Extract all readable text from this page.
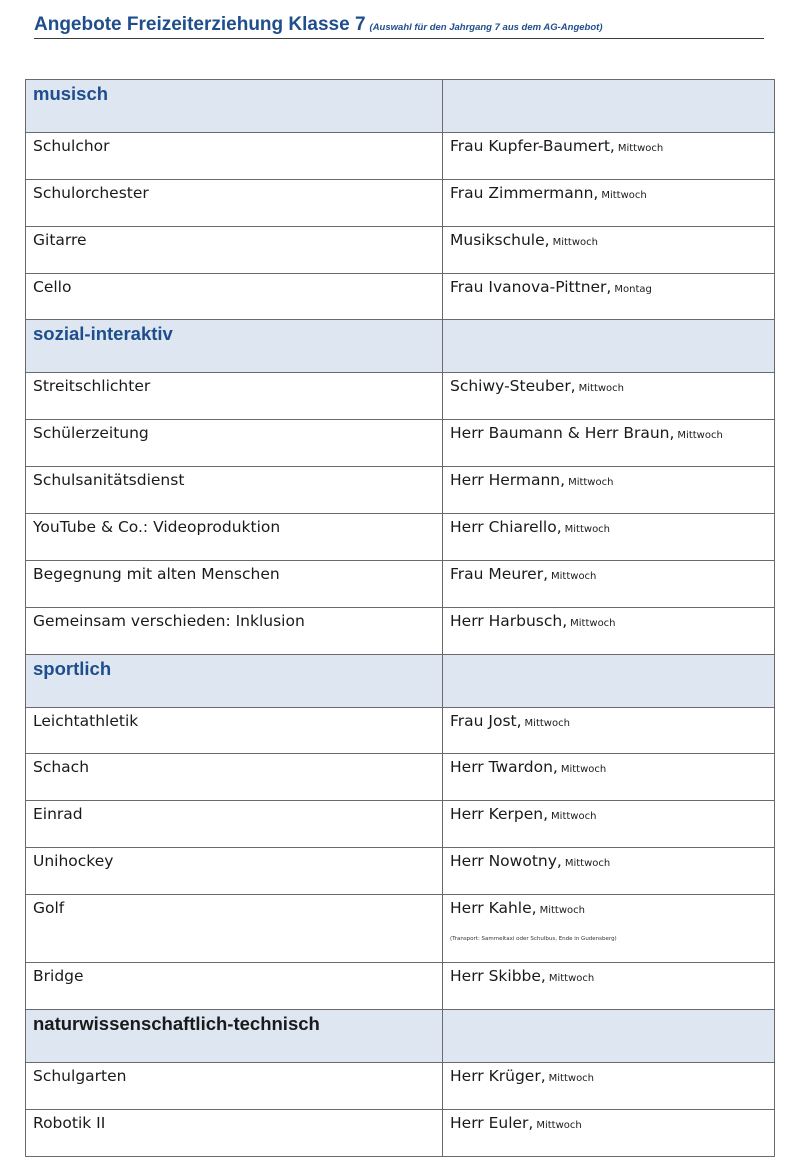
Angebote Freizeiterziehung Klasse 7 (Auswahl für den Jahrgang 7 aus dem AG-Angebot)
musisch	
Schulchor	Frau Kupfer-Baumert, Mittwoch
Schulorchester	Frau Zimmermann, Mittwoch
Gitarre	Musikschule, Mittwoch
Cello	Frau Ivanova-Pittner, Montag
sozial-interaktiv	
Streitschlichter	Schiwy-Steuber, Mittwoch
Schülerzeitung	Herr Baumann & Herr Braun, Mittwoch
Schulsanitätsdienst	Herr Hermann, Mittwoch
YouTube & Co.: Videoproduktion	Herr Chiarello, Mittwoch
Begegnung mit alten Menschen	Frau Meurer, Mittwoch
Gemeinsam verschieden: Inklusion	Herr Harbusch, Mittwoch
sportlich	
Leichtathletik	Frau Jost, Mittwoch
Schach	Herr Twardon, Mittwoch
Einrad	Herr Kerpen, Mittwoch
Unihockey	Herr Nowotny, Mittwoch
Golf	Herr Kahle, Mittwoch
(Transport: Sammeltaxi oder Schulbus, Ende in Gudensberg)

Bridge	Herr Skibbe, Mittwoch
naturwissenschaftlich-technisch	
Schulgarten	Herr Krüger, Mittwoch
Robotik II	Herr Euler, Mittwoch
